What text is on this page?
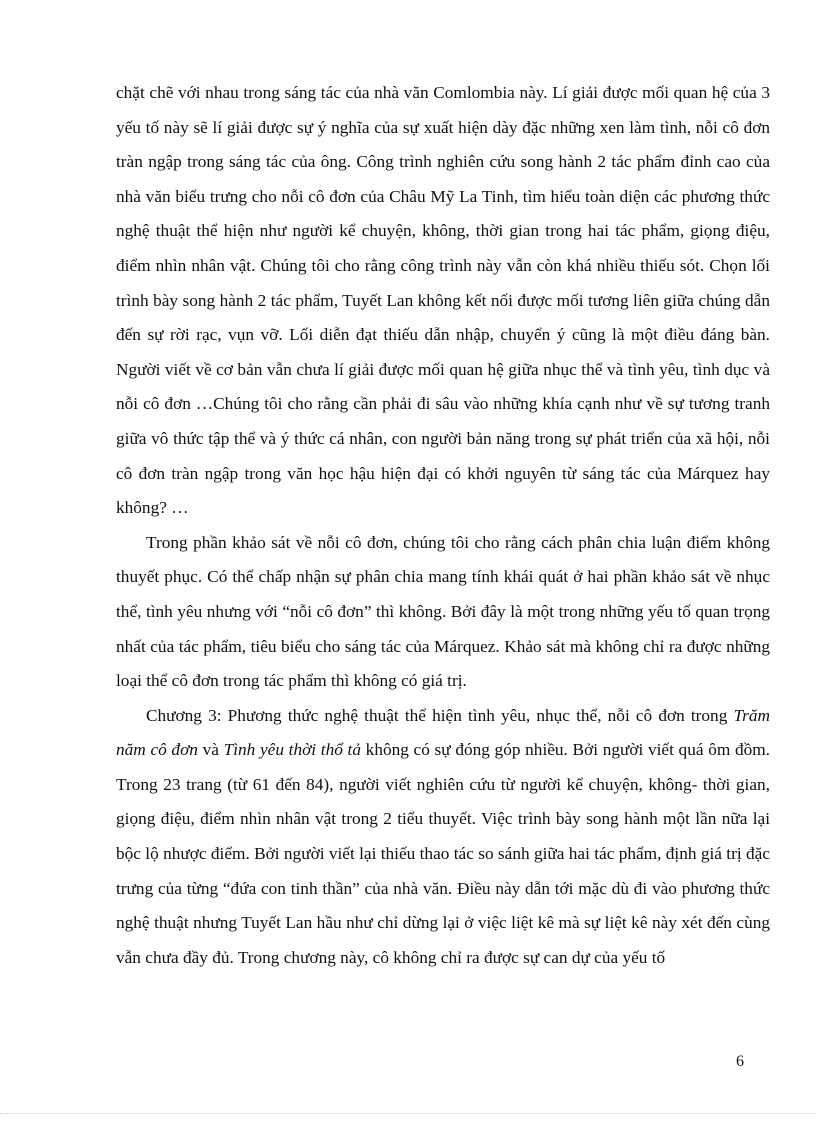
chặt chẽ với nhau trong sáng tác của nhà văn Comlombia này. Lí giải được mối quan hệ của 3 yếu tố này sẽ lí giải được sự ý nghĩa của sự xuất hiện dày đặc những xen làm tình, nỗi cô đơn tràn ngập trong sáng tác của ông. Công trình nghiên cứu song hành 2 tác phẩm đỉnh cao của nhà văn biểu trưng cho nỗi cô đơn của Châu Mỹ La Tinh, tìm hiểu toàn diện các phương thức nghệ thuật thể hiện như người kể chuyện, không, thời gian trong hai tác phẩm, giọng điệu, điểm nhìn nhân vật. Chúng tôi cho rằng công trình này vẫn còn khá nhiều thiếu sót. Chọn lối trình bày song hành 2 tác phẩm, Tuyết Lan không kết nối được mối tương liên giữa chúng dẫn đến sự rời rạc, vụn vỡ. Lối diễn đạt thiếu dẫn nhập, chuyển ý cũng là một điều đáng bàn. Người viết về cơ bản vẫn chưa lí giải được mối quan hệ giữa nhục thể và tình yêu, tình dục và nỗi cô đơn …Chúng tôi cho rằng cần phải đi sâu vào những khía cạnh như về sự tương tranh giữa vô thức tập thể và ý thức cá nhân, con người bản năng trong sự phát triển của xã hội, nỗi cô đơn tràn ngập trong văn học hậu hiện đại có khởi nguyên từ sáng tác của Márquez hay không? …

Trong phần khảo sát về nỗi cô đơn, chúng tôi cho rằng cách phân chia luận điểm không thuyết phục. Có thể chấp nhận sự phân chia mang tính khái quát ở hai phần khảo sát về nhục thể, tình yêu nhưng với “nỗi cô đơn” thì không. Bởi đây là một trong những yếu tố quan trọng nhất của tác phẩm, tiêu biểu cho sáng tác của Márquez. Khảo sát mà không chỉ ra được những loại thể cô đơn trong tác phẩm thì không có giá trị.

Chương 3: Phương thức nghệ thuật thể hiện tình yêu, nhục thể, nỗi cô đơn trong Trăm năm cô đơn và Tình yêu thời thổ tả không có sự đóng góp nhiều. Bởi người viết quá ôm đồm. Trong 23 trang (từ 61 đến 84), người viết nghiên cứu từ người kể chuyện, không- thời gian, giọng điệu, điểm nhìn nhân vật trong 2 tiểu thuyết. Việc trình bày song hành một lần nữa lại bộc lộ nhược điểm. Bởi người viết lại thiếu thao tác so sánh giữa hai tác phẩm, định giá trị đặc trưng của từng “đứa con tinh thần” của nhà văn. Điều này dẫn tới mặc dù đi vào phương thức nghệ thuật nhưng Tuyết Lan hầu như chỉ dừng lại ở việc liệt kê mà sự liệt kê này xét đến cùng vẫn chưa đầy đủ. Trong chương này, cô không chỉ ra được sự can dự của yếu tố

6
